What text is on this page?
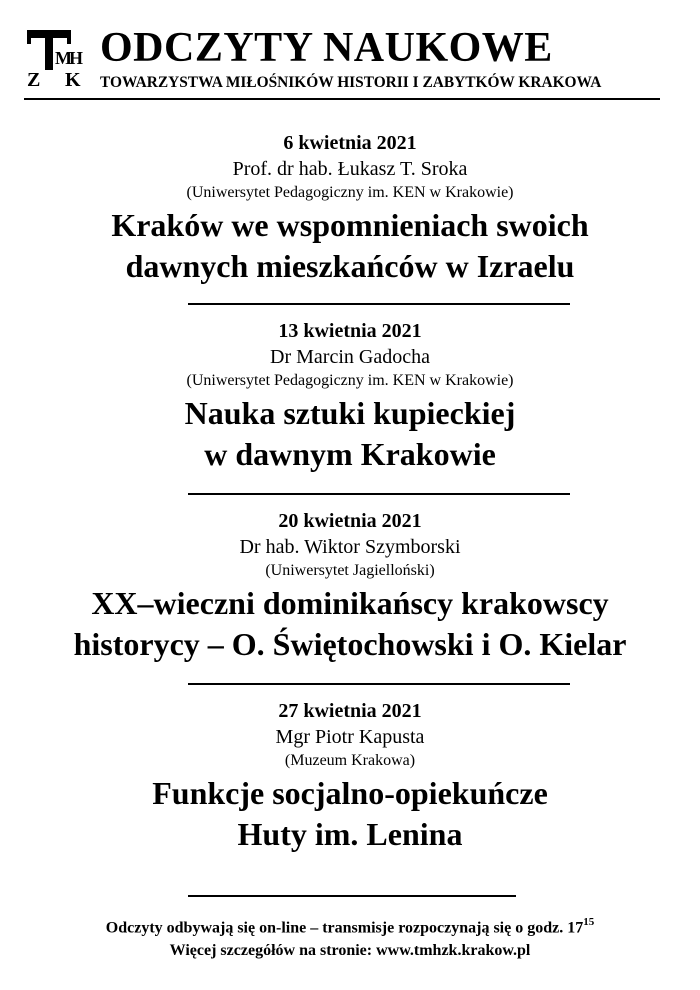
M
H
Z K
ODCZYTY NAUKOWE
TOWARZYSTWA MIŁOŚNIKÓW HISTORII I ZABYTKÓW KRAKOWA
6 kwietnia 2021
Prof. dr hab. Łukasz T. Sroka
(Uniwersytet Pedagogiczny im. KEN w Krakowie)
Kraków we wspomnieniach swoich
dawnych mieszkańców w Izraelu
13 kwietnia 2021
Dr Marcin Gadocha
(Uniwersytet Pedagogiczny im. KEN w Krakowie)
Nauka sztuki kupieckiej
w dawnym Krakowie
20 kwietnia 2021
Dr hab. Wiktor Szymborski
(Uniwersytet Jagielloński)
XX–wieczni dominikańscy krakowscy
historycy – O. Świętochowski i O. Kielar
27 kwietnia 2021
Mgr Piotr Kapusta
(Muzeum Krakowa)
Funkcje socjalno-opiekuńcze
Huty im. Lenina
Odczyty odbywają się on-line – transmisje rozpoczynają się o godz. $17^{15}$
Więcej szczegółów na stronie: www.tmhzk.krakow.pl
